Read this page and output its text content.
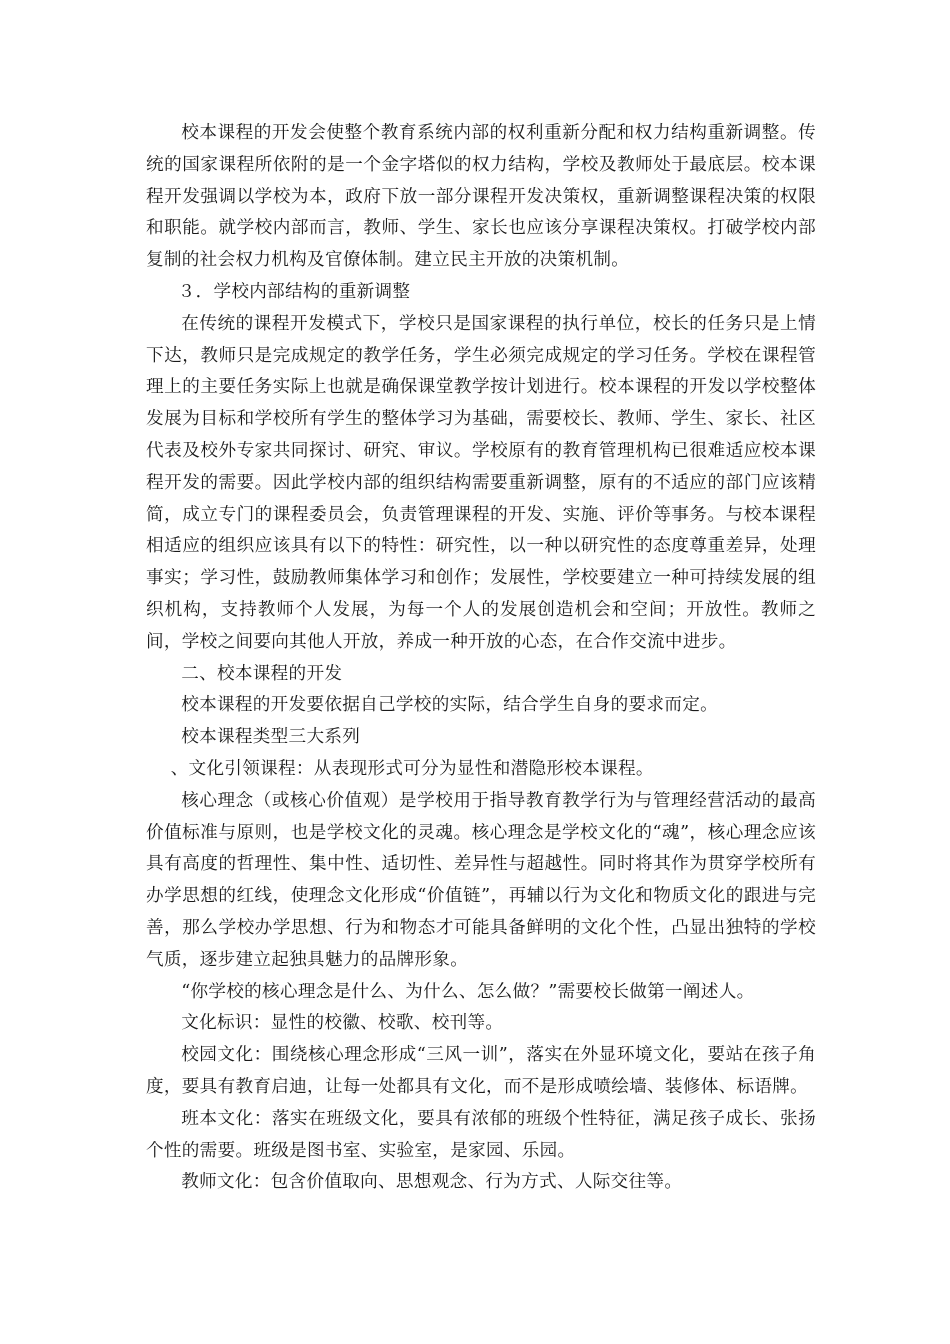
校本课程的开发会使整个教育系统内部的权利重新分配和权力结构重新调整。传统的国家课程所依附的是一个金字塔似的权力结构，学校及教师处于最底层。校本课程开发强调以学校为本，政府下放一部分课程开发决策权，重新调整课程决策的权限和职能。就学校内部而言，教师、学生、家长也应该分享课程决策权。打破学校内部复制的社会权力机构及官僚体制。建立民主开放的决策机制。

３．学校内部结构的重新调整

在传统的课程开发模式下，学校只是国家课程的执行单位，校长的任务只是上情下达，教师只是完成规定的教学任务，学生必须完成规定的学习任务。学校在课程管理上的主要任务实际上也就是确保课堂教学按计划进行。校本课程的开发以学校整体发展为目标和学校所有学生的整体学习为基础，需要校长、教师、学生、家长、社区代表及校外专家共同探讨、研究、审议。学校原有的教育管理机构已很难适应校本课程开发的需要。因此学校内部的组织结构需要重新调整，原有的不适应的部门应该精简，成立专门的课程委员会，负责管理课程的开发、实施、评价等事务。与校本课程相适应的组织应该具有以下的特性：研究性，以一种以研究性的态度尊重差异，处理事实；学习性，鼓励教师集体学习和创作；发展性，学校要建立一种可持续发展的组织机构，支持教师个人发展，为每一个人的发展创造机会和空间；开放性。教师之间，学校之间要向其他人开放，养成一种开放的心态，在合作交流中进步。

二、校本课程的开发

校本课程的开发要依据自己学校的实际，结合学生自身的要求而定。

校本课程类型三大系列

、文化引领课程：从表现形式可分为显性和潜隐形校本课程。

核心理念（或核心价值观）是学校用于指导教育教学行为与管理经营活动的最高价值标准与原则，也是学校文化的灵魂。核心理念是学校文化的“魂”，核心理念应该具有高度的哲理性、集中性、适切性、差异性与超越性。同时将其作为贯穿学校所有办学思想的红线，使理念文化形成“价值链”，再辅以行为文化和物质文化的跟进与完善，那么学校办学思想、行为和物态才可能具备鲜明的文化个性，凸显出独特的学校气质，逐步建立起独具魅力的品牌形象。

“你学校的核心理念是什么、为什么、怎么做？”需要校长做第一阐述人。

文化标识：显性的校徽、校歌、校刊等。

校园文化：围绕核心理念形成“三风一训”，落实在外显环境文化，要站在孩子角度，要具有教育启迪，让每一处都具有文化，而不是形成喷绘墙、装修体、标语牌。

班本文化：落实在班级文化，要具有浓郁的班级个性特征，满足孩子成长、张扬个性的需要。班级是图书室、实验室，是家园、乐园。

教师文化：包含价值取向、思想观念、行为方式、人际交往等。
